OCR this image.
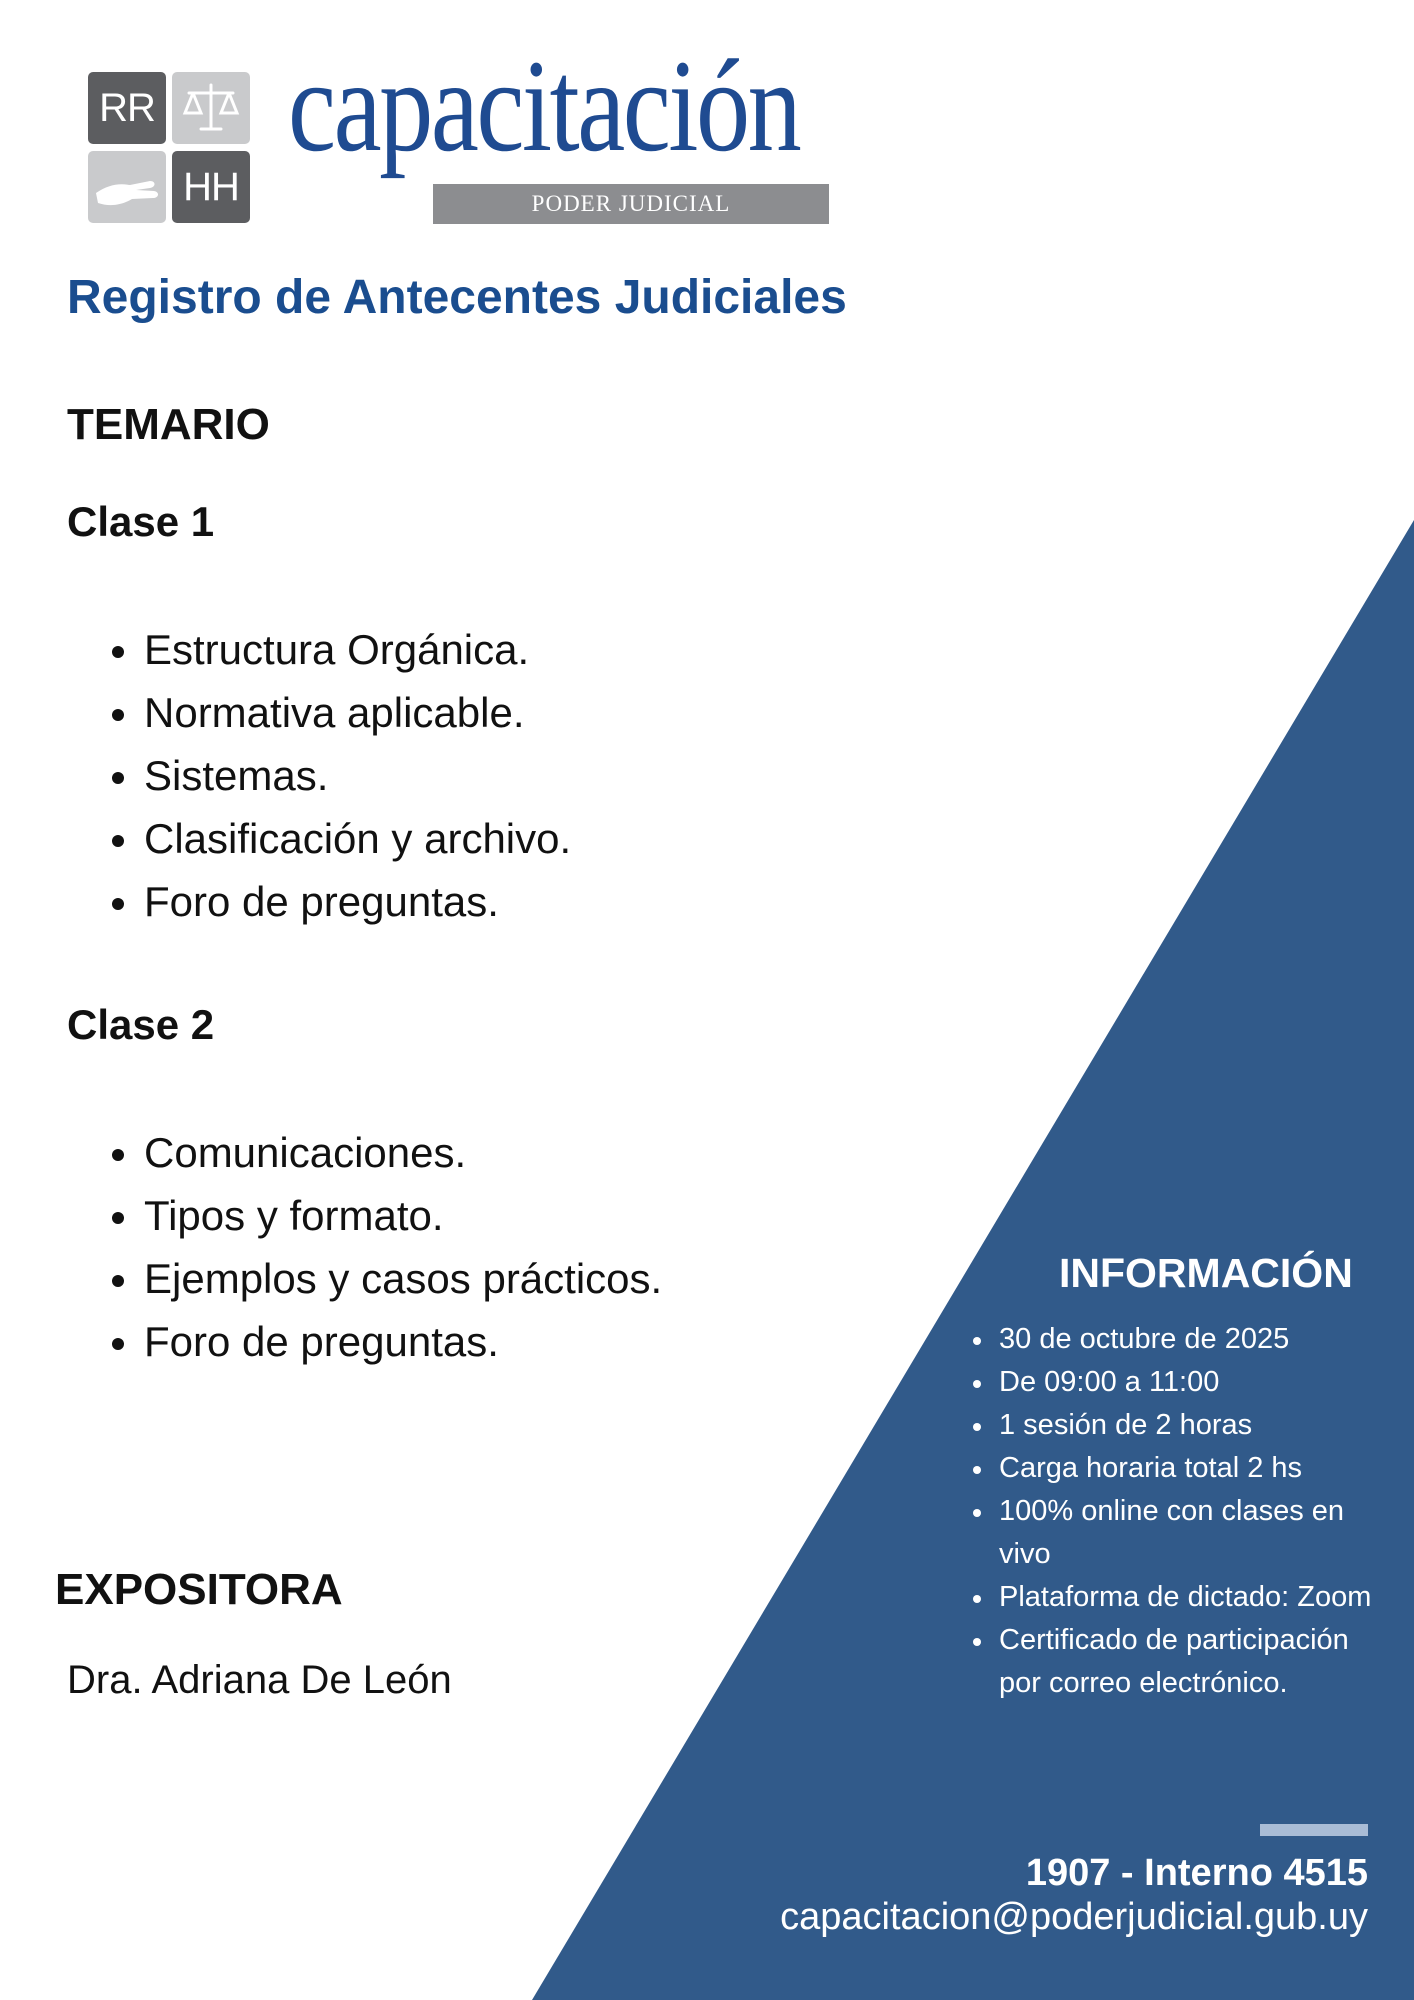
RR
HH
capacitación
PODER JUDICIAL
Registro de Antecentes Judiciales
TEMARIO
Clase 1
Estructura Orgánica.
Normativa aplicable.
Sistemas.
Clasificación y archivo.
Foro de preguntas.
Clase 2
Comunicaciones.
Tipos y formato.
Ejemplos y casos prácticos.
Foro de preguntas.
EXPOSITORA

Dra. Adriana De León

INFORMACIÓN
30 de octubre de 2025
De 09:00 a 11:00
1 sesión de 2 horas
Carga horaria total 2 hs
100% online con clases en vivo
Plataforma de dictado: Zoom
Certificado de participación por correo electrónico.

1907 - Interno 4515

capacitacion@poderjudicial.gub.uy
